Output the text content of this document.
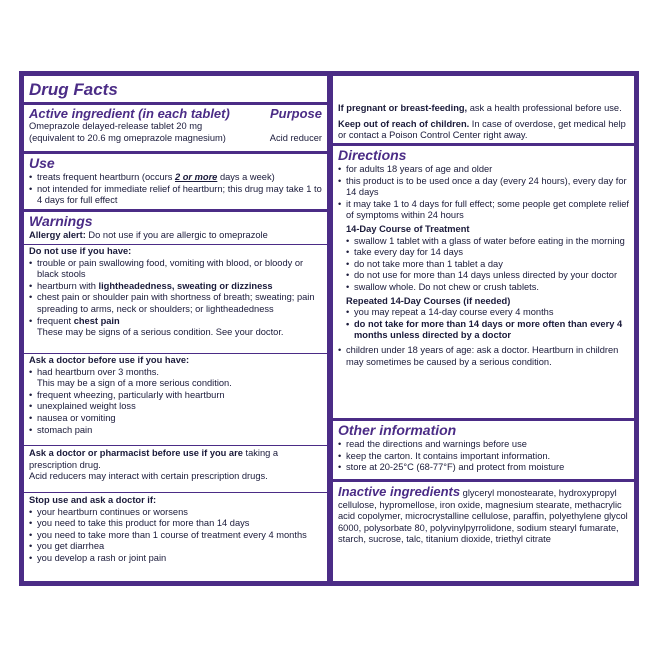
Drug Facts
Active ingredient (in each tablet)	Purpose
Omeprazole delayed-release tablet 20 mg
(equivalent to 20.6 mg omeprazole magnesium)	Acid reducer
Use
• treats frequent heartburn (occurs 2 or more days a week)
• not intended for immediate relief of heartburn; this drug may take 1 to 4 days for full effect
Warnings
Allergy alert: Do not use if you are allergic to omeprazole
Do not use if you have:
• trouble or pain swallowing food, vomiting with blood, or bloody or black stools
• heartburn with lightheadedness, sweating or dizziness
• chest pain or shoulder pain with shortness of breath; sweating; pain spreading to arms, neck or shoulders; or lightheadedness
• frequent chest pain
These may be signs of a serious condition. See your doctor.
Ask a doctor before use if you have:
• had heartburn over 3 months.
This may be a sign of a more serious condition.
• frequent wheezing, particularly with heartburn
• unexplained weight loss
• nausea or vomiting
• stomach pain
Ask a doctor or pharmacist before use if you are taking a prescription drug.
Acid reducers may interact with certain prescription drugs.
Stop use and ask a doctor if:
• your heartburn continues or worsens
• you need to take this product for more than 14 days
• you need to take more than 1 course of treatment every 4 months
• you get diarrhea
• you develop a rash or joint pain
If pregnant or breast-feeding, ask a health professional before use.
Keep out of reach of children. In case of overdose, get medical help or contact a Poison Control Center right away.
Directions
• for adults 18 years of age and older
• this product is to be used once a day (every 24 hours), every day for 14 days
• it may take 1 to 4 days for full effect; some people get complete relief of symptoms within 24 hours
14-Day Course of Treatment
• swallow 1 tablet with a glass of water before eating in the morning
• take every day for 14 days
• do not take more than 1 tablet a day
• do not use for more than 14 days unless directed by your doctor
• swallow whole. Do not chew or crush tablets.
Repeated 14-Day Courses (if needed)
• you may repeat a 14-day course every 4 months
• do not take for more than 14 days or more often than every 4 months unless directed by a doctor
• children under 18 years of age: ask a doctor. Heartburn in children may sometimes be caused by a serious condition.
Other information
• read the directions and warnings before use
• keep the carton. It contains important information.
• store at 20-25°C (68-77°F) and protect from moisture
Inactive ingredients glyceryl monostearate, hydroxypropyl cellulose, hypromellose, iron oxide, magnesium stearate, methacrylic acid copolymer, microcrystalline cellulose, paraffin, polyethylene glycol 6000, polysorbate 80, polyvinylpyrrolidone, sodium stearyl fumarate, starch, sucrose, talc, titanium dioxide, triethyl citrate
